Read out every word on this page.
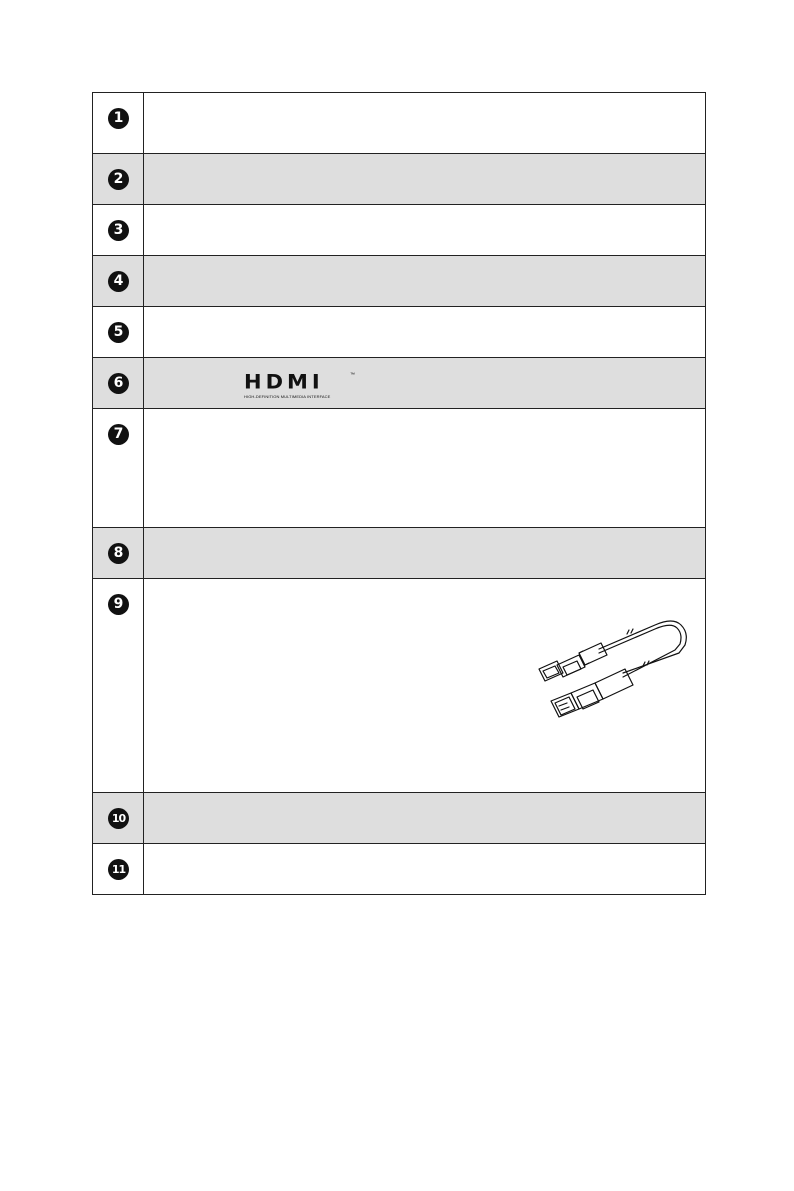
1	

2	

3	

4	

5	

6	HDMI ™
HIGH-DEFINITION MULTIMEDIA INTERFACE

7	

8	

9

10	

11	
